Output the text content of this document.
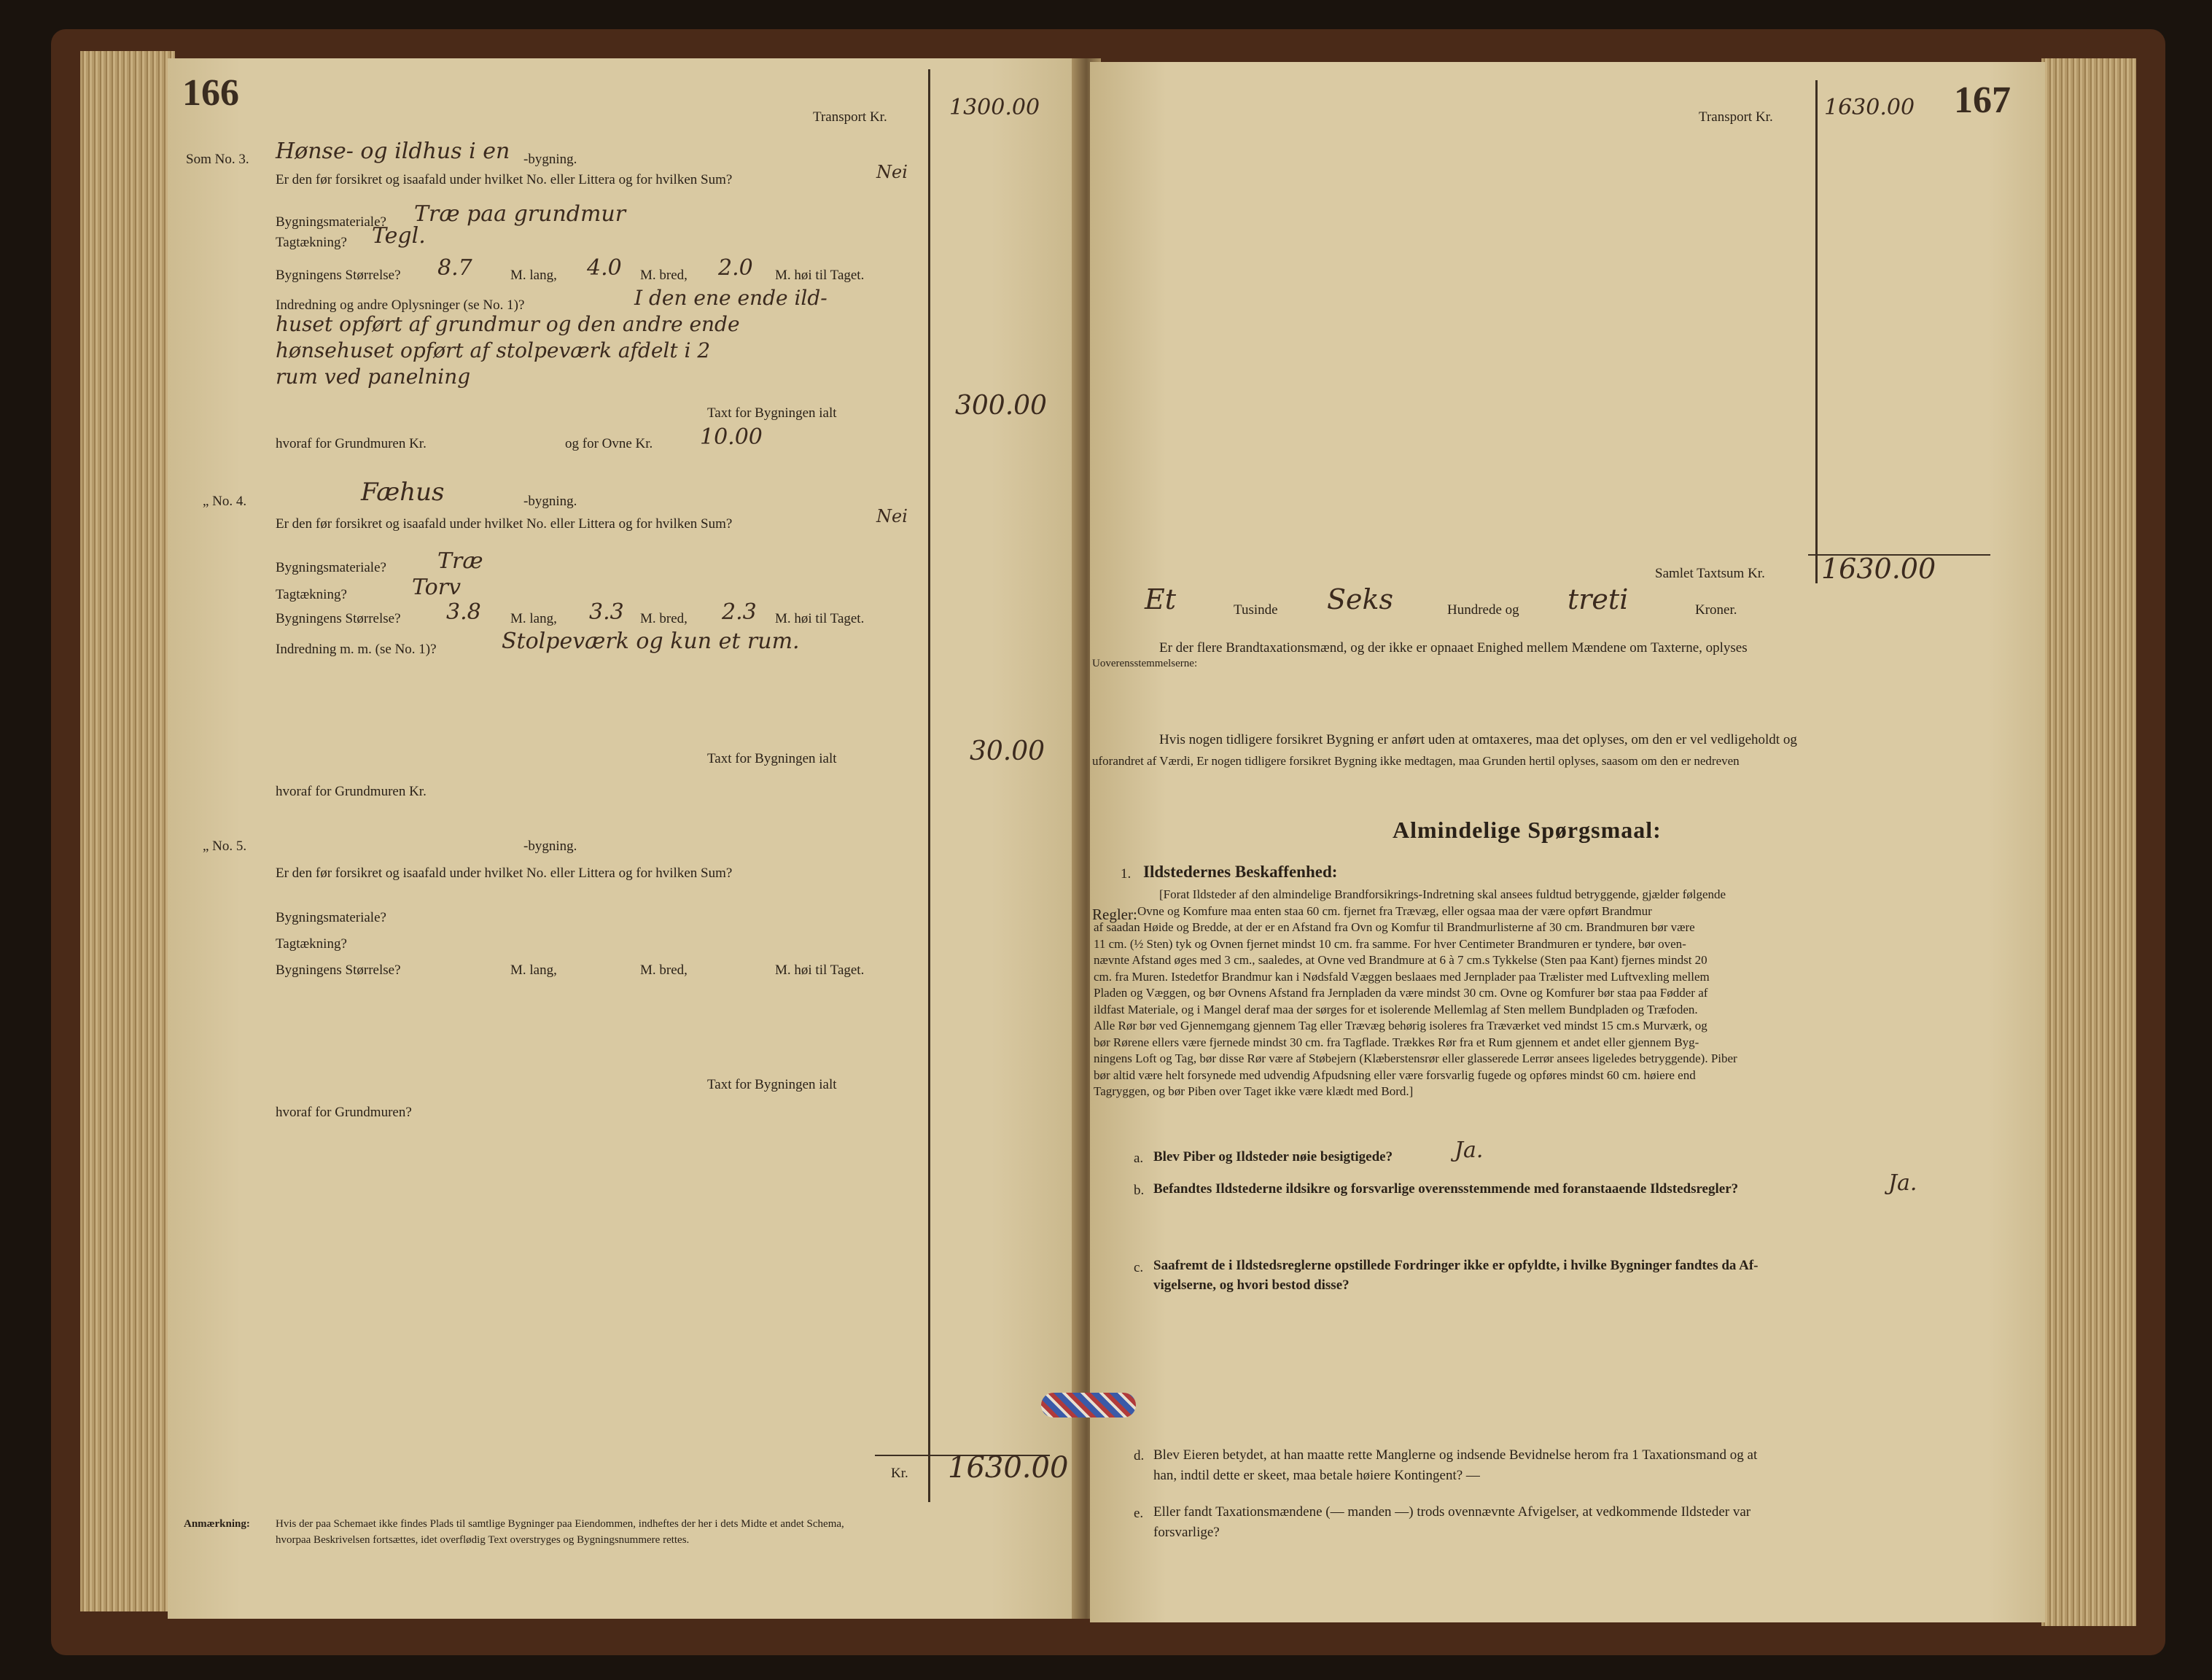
166
Transport Kr.	1300.00
Som No. 3. Hønse- og ildhus i en -bygning.
Er den før forsikret og isaafald under hvilket No. eller Littera og for hvilken Sum?	Nei
Bygningsmateriale? Træ paa grundmur
Tagtækning? Tegl.
Bygningens Størrelse? 8.7	M. lang, 4.0 M. bred, 2.0 M. høi til Taget.
Indredning og andre Oplysninger (se No. 1)?	I den ene ende ild-
huset opført af grundmur og den andre ende
hønsehuset opført af stolpeværk afdelt i 2
rum ved panelning
Taxt for Bygningen ialt	300.00
hvoraf for Grundmuren Kr.	og for Ovne Kr. 10.00
„ No. 4.	Fæhus	-bygning.
Er den før forsikret og isaafald under hvilket No. eller Littera og for hvilken Sum?	Nei
Bygningsmateriale? Træ
Tagtækning?	Torv
Bygningens Størrelse? 3.8 M. lang, 3.3 M. bred, 2.3 M. høi til Taget.
Indredning m. m. (se No. 1)?	Stolpeværk og kun et rum.
Taxt for Bygningen ialt	30.00
hvoraf for Grundmuren Kr.
„ No. 5.	-bygning.
Er den før forsikret og isaafald under hvilket No. eller Littera og for hvilken Sum?
Bygningsmateriale?
Tagtækning?
Bygningens Størrelse?	M. lang,	M. bred,	M. høi til Taget.
Taxt for Bygningen ialt
hvoraf for Grundmuren?
Kr. 1630.00
Anmærkning: Hvis der paa Schemaet ikke findes Plads til samtlige Bygninger paa Eiendommen, indheftes der her i dets Midte et andet Schema,
hvorpaa Beskrivelsen fortsættes, idet overflødig Text overstryges og Bygningsnummere rettes.
167
Transport Kr. 1630.00
Samlet Taxtsum Kr. 1630.00
Et	Tusinde Seks	Hundrede og treti	Kroner.
Er der flere Brandtaxationsmænd, og der ikke er opnaaet Enighed mellem Mændene om Taxterne, oplyses
Uoverensstemmelserne:
Hvis nogen tidligere forsikret Bygning er anført uden at omtaxeres, maa det oplyses, om den er vel vedligeholdt og
uforandret af Værdi, Er nogen tidligere forsikret Bygning ikke medtagen, maa Grunden hertil oplyses, saasom om den er nedreven
Almindelige Spørgsmaal:
1. Ildstedernes Beskaffenhed:
Regler:
[Forat Ildsteder af den almindelige Brandforsikrings-Indretning skal ansees fuldtud betryggende, gjælder følgende
Ovne og Komfure maa enten staa 60 cm. fjernet fra Trævæg, eller ogsaa maa der være opført Brandmur
af saadan Høide og Bredde, at der er en Afstand fra Ovn og Komfur til Brandmurlisterne af 30 cm. Brandmuren bør være
11 cm. (½ Sten) tyk og Ovnen fjernet mindst 10 cm. fra samme. For hver Centimeter Brandmuren er tyndere, bør oven-
nævnte Afstand øges med 3 cm., saaledes, at Ovne ved Brandmure at 6 à 7 cm.s Tykkelse (Sten paa Kant) fjernes mindst 20
cm. fra Muren. Istedetfor Brandmur kan i Nødsfald Væggen beslaaes med Jernplader paa Trælister med Luftvexling mellem
Pladen og Væggen, og bør Ovnens Afstand fra Jernpladen da være mindst 30 cm. Ovne og Komfurer bør staa paa Fødder af
ildfast Materiale, og i Mangel deraf maa der sørges for et isolerende Mellemlag af Sten mellem Bundpladen og Træfoden.
Alle Rør bør ved Gjennemgang gjennem Tag eller Trævæg behørig isoleres fra Træværket ved mindst 15 cm.s Murværk, og
bør Rørene ellers være fjernede mindst 30 cm. fra Tagflade. Trækkes Rør fra et Rum gjennem et andet eller gjennem Byg-
ningens Loft og Tag, bør disse Rør være af Støbejern (Klæberstensrør eller glasserede Lerrør ansees ligeledes betryggende). Piber
bør altid være helt forsynede med udvendig Afpudsning eller være forsvarlig fugede og opføres mindst 60 cm. høiere end
Tagryggen, og bør Piben over Taget ikke være klædt med Bord.]
a. Blev Piber og Ildsteder nøie besigtigede?	Ja.
b. Befandtes Ildstederne ildsikre og forsvarlige overensstemmende med foranstaaende Ildstedsregler?	Ja.
c. Saafremt de i Ildstedsreglerne opstillede Fordringer ikke er opfyldte, i hvilke Bygninger fandtes da Af-
vigelserne, og hvori bestod disse?
d. Blev Eieren betydet, at han maatte rette Manglerne og indsende Bevidnelse herom fra 1 Taxationsmand og at
han, indtil dette er skeet, maa betale høiere Kontingent? —
e. Eller fandt Taxationsmændene (— manden —) trods ovennævnte Afvigelser, at vedkommende Ildsteder var
forsvarlige?
